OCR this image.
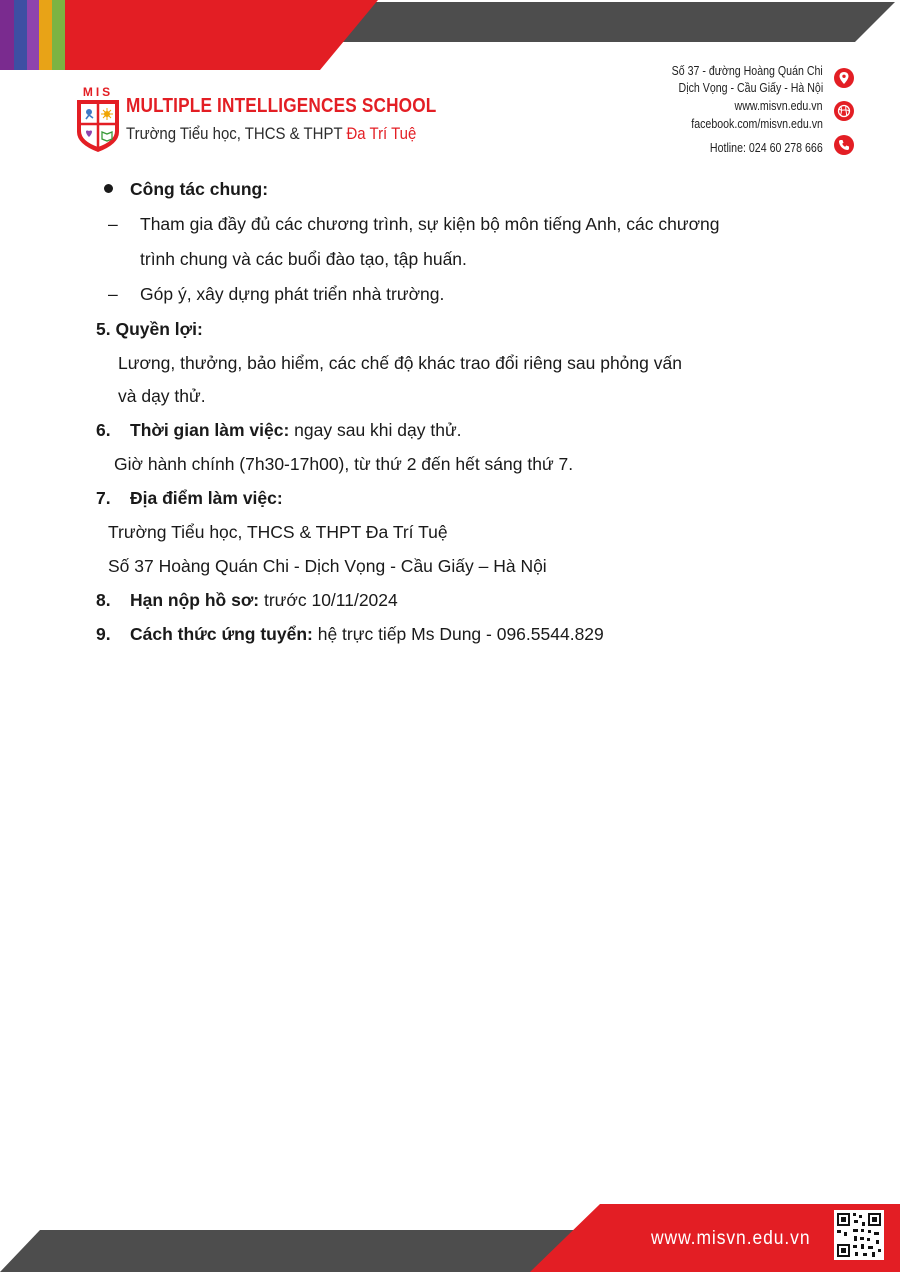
MIS
MULTIPLE INTELLIGENCES SCHOOL
Trường Tiểu học, THCS & THPT Đa Trí Tuệ
Số 37 - đường Hoàng Quán Chi
Dịch Vọng - Cầu Giấy - Hà Nội
www.misvn.edu.vn
facebook.com/misvn.edu.vn
Hotline: 024 60 278 666
Công tác chung:
– Tham gia đầy đủ các chương trình, sự kiện bộ môn tiếng Anh, các chương
trình chung và các buổi đào tạo, tập huấn.
– Góp ý, xây dựng phát triển nhà trường.
5. Quyền lợi:
Lương, thưởng, bảo hiểm, các chế độ khác trao đổi riêng sau phỏng vấn
và dạy thử.
6. Thời gian làm việc: ngay sau khi dạy thử.
Giờ hành chính (7h30-17h00), từ thứ 2 đến hết sáng thứ 7.
7. Địa điểm làm việc:
Trường Tiểu học, THCS & THPT Đa Trí Tuệ
Số 37 Hoàng Quán Chi - Dịch Vọng - Cầu Giấy – Hà Nội
8. Hạn nộp hồ sơ: trước 10/11/2024
9. Cách thức ứng tuyển: hệ trực tiếp Ms Dung - 096.5544.829
www.misvn.edu.vn
